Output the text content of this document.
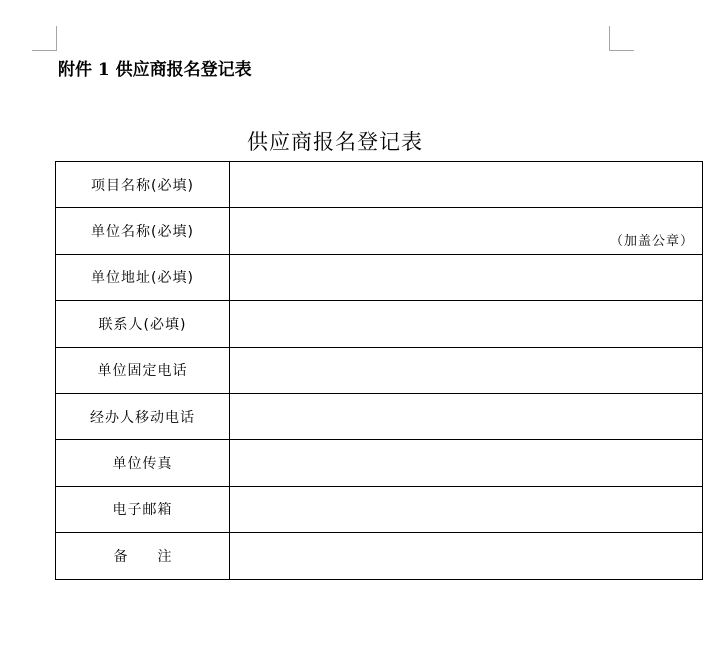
附件 1 供应商报名登记表

供应商报名登记表
项目名称(必填)	
单位名称(必填)	（加盖公章）

单位地址(必填)	
联系人(必填)	
单位固定电话	
经办人移动电话	
单位传真	
电子邮箱	
备注	
